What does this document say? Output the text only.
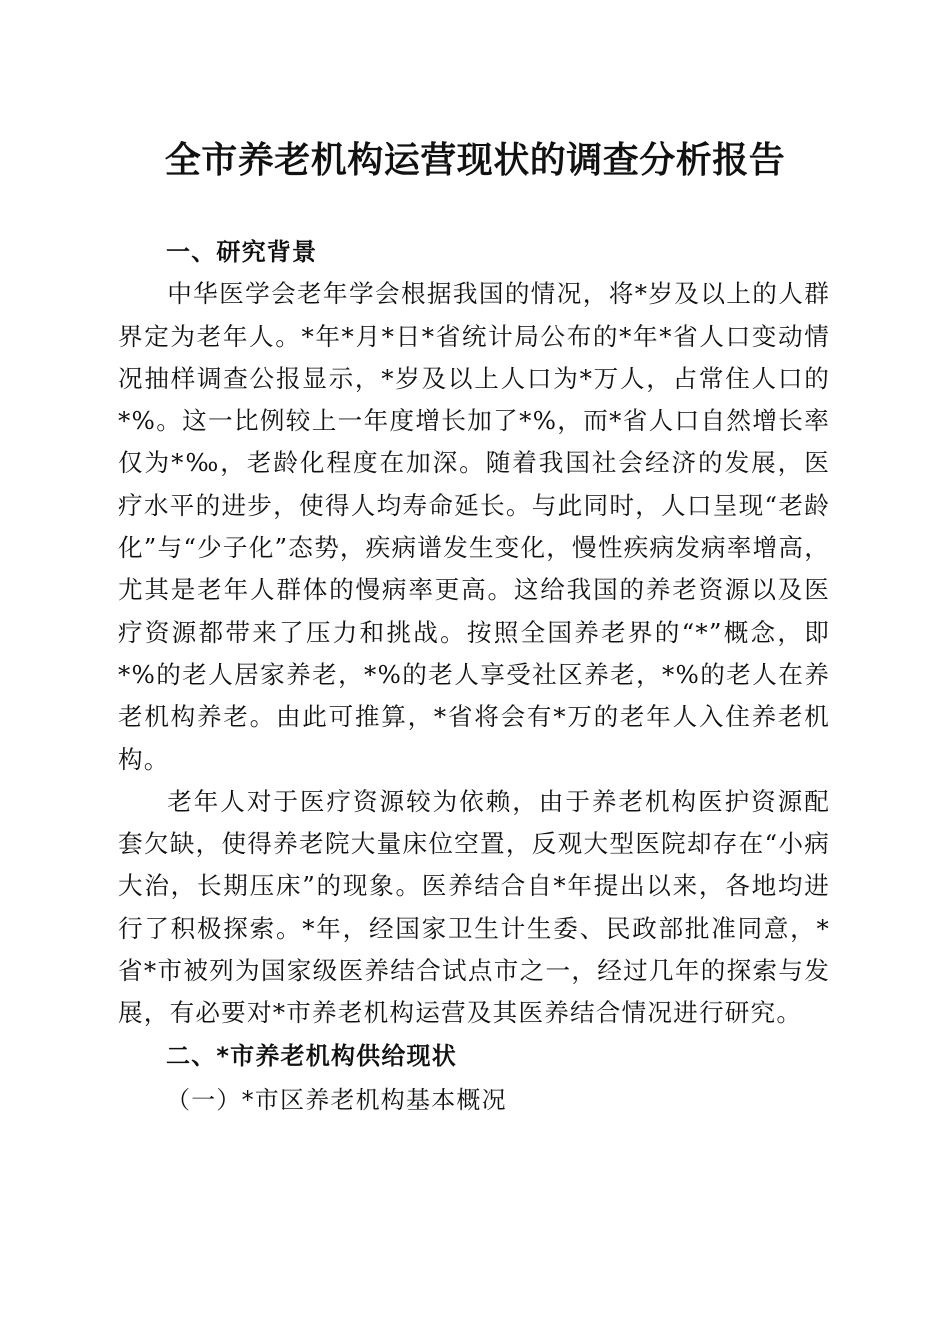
全市养老机构运营现状的调查分析报告

一、研究背景

中华医学会老年学会根据我国的情况，将*岁及以上的人群界定为老年人。*年*月*日*省统计局公布的*年*省人口变动情况抽样调查公报显示，*岁及以上人口为*万人，占常住人口的*%。这一比例较上一年度增长加了*%，而*省人口自然增长率仅为*‰，老龄化程度在加深。随着我国社会经济的发展，医疗水平的进步，使得人均寿命延长。与此同时，人口呈现“老龄化”与“少子化”态势，疾病谱发生变化，慢性疾病发病率增高，尤其是老年人群体的慢病率更高。这给我国的养老资源以及医疗资源都带来了压力和挑战。按照全国养老界的“*”概念，即*%的老人居家养老，*%的老人享受社区养老，*%的老人在养老机构养老。由此可推算，*省将会有*万的老年人入住养老机构。

老年人对于医疗资源较为依赖，由于养老机构医护资源配套欠缺，使得养老院大量床位空置，反观大型医院却存在“小病大治，长期压床”的现象。医养结合自*年提出以来，各地均进行了积极探索。*年，经国家卫生计生委、民政部批准同意，*省*市被列为国家级医养结合试点市之一，经过几年的探索与发展，有必要对*市养老机构运营及其医养结合情况进行研究。

二、*市养老机构供给现状

（一）*市区养老机构基本概况
